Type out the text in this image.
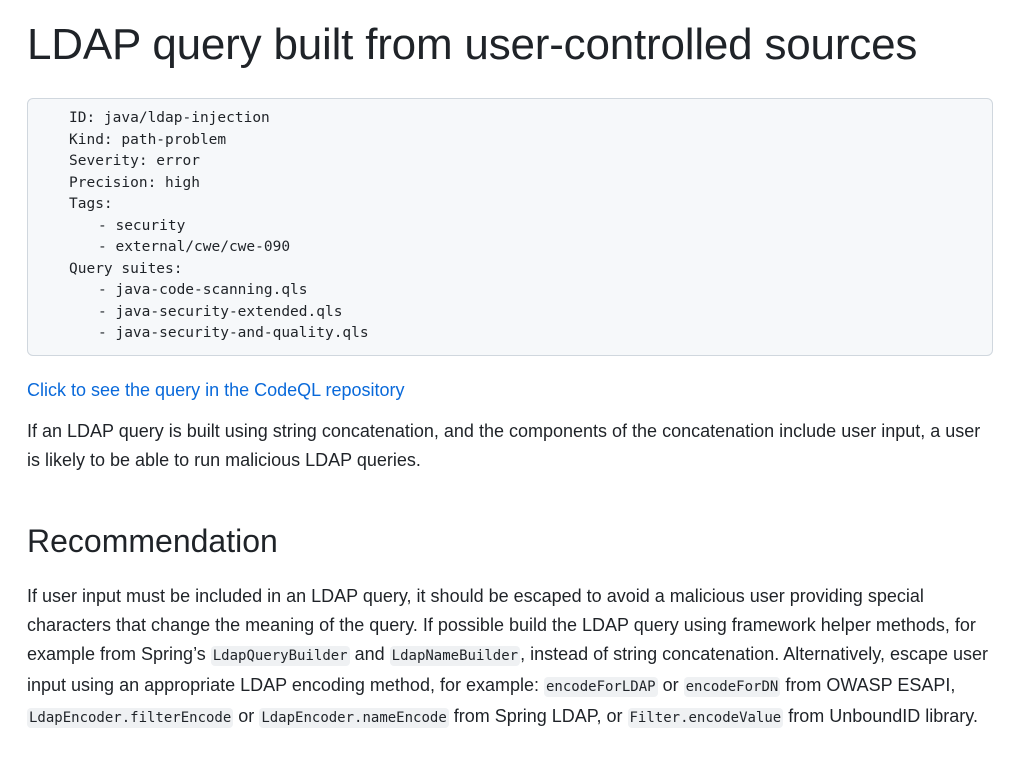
LDAP query built from user-controlled sources
ID: java/ldap-injection
Kind: path-problem
Severity: error
Precision: high
Tags:
- security
- external/cwe/cwe-090
Query suites:
- java-code-scanning.qls
- java-security-extended.qls
- java-security-and-quality.qls
Click to see the query in the CodeQL repository

If an LDAP query is built using string concatenation, and the components of the concatenation include user input, a user is likely to be able to run malicious LDAP queries.

Recommendation

If user input must be included in an LDAP query, it should be escaped to avoid a malicious user providing special characters that change the meaning of the query. If possible build the LDAP query using framework helper methods, for example from Spring’s LdapQueryBuilder and LdapNameBuilder , instead of string concatenation. Alternatively, escape user input using an appropriate LDAP encoding method, for example: encodeForLDAP or encodeForDN from OWASP ESAPI, LdapEncoder.filterEncode or LdapEncoder.nameEncode from Spring LDAP, or Filter.encodeValue from UnboundID library.
